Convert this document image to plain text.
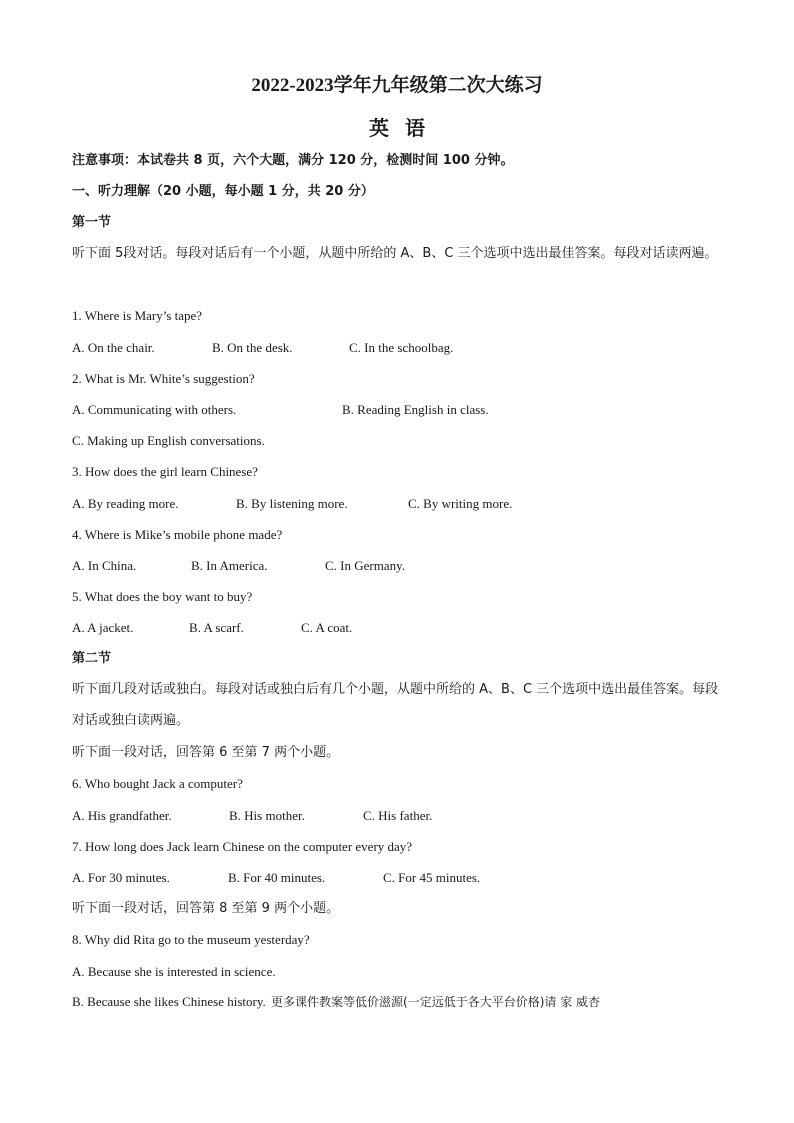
2022-2023学年九年级第二次大练习
英语
注意事项：本试卷共 8 页，六个大题，满分 120 分，检测时间 100 分钟。
一、听力理解（20 小题，每小题 1 分，共 20 分）
第一节
听下面 5段对话。每段对话后有一个小题，从题中所给的 A、B、C 三个选项中选出最佳答案。每段对话读两遍。
1. Where is Mary’s tape?
A. On the chair.	B. On the desk.	C. In the schoolbag.
2. What is Mr. White’s suggestion?
A. Communicating with others.	B. Reading English in class.
C. Making up English conversations.
3. How does the girl learn Chinese?
A. By reading more.	B. By listening more.	C. By writing more.
4. Where is Mike’s mobile phone made?
A. In China.	B. In America.	C. In Germany.
5. What does the boy want to buy?
A. A jacket.	B. A scarf.	C. A coat.
第二节
听下面几段对话或独白。每段对话或独白后有几个小题，从题中所给的 A、B、C 三个选项中选出最佳答案。每段对话或独白读两遍。
听下面一段对话，回答第 6 至第 7 两个小题。
6. Who bought Jack a computer?
A. His grandfather.	B. His mother.	C. His father.
7. How long does Jack learn Chinese on the computer every day?
A. For 30 minutes.	B. For 40 minutes.	C. For 45 minutes.
听下面一段对话，回答第 8 至第 9 两个小题。
8. Why did Rita go to the museum yesterday?
A. Because she is interested in science.
B. Because she likes Chinese history. 更多课件教案等低价滋源(一定远低于各大平台价格)请 家 威杏
